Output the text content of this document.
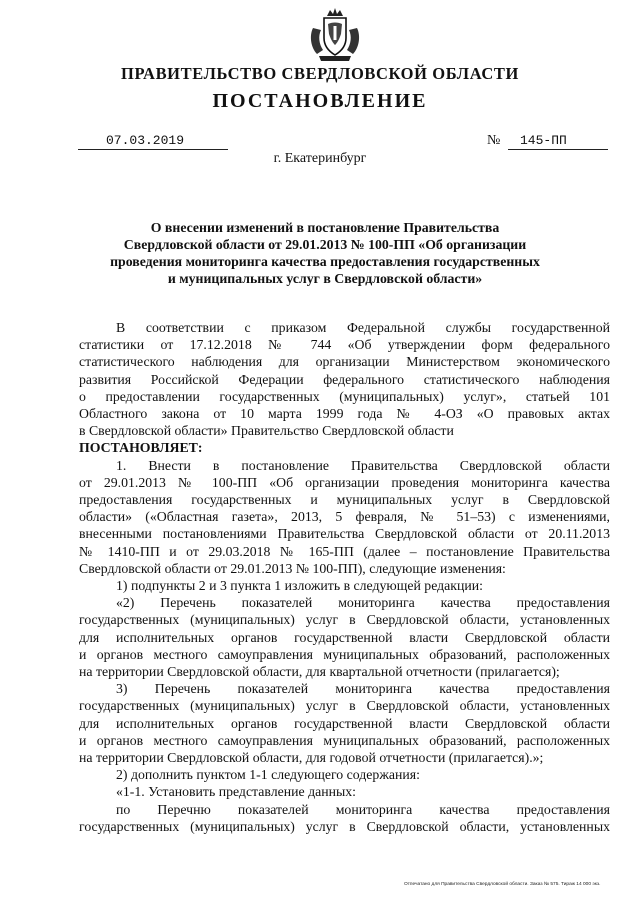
ПРАВИТЕЛЬСТВО СВЕРДЛОВСКОЙ ОБЛАСТИ
ПОСТАНОВЛЕНИЕ
07.03.2019	№	145-ПП
г. Екатеринбург
О внесении изменений в постановление Правительства
Свердловской области от 29.01.2013 № 100-ПП «Об организации
проведения мониторинга качества предоставления государственных
и муниципальных услуг в Свердловской области»
В соответствии с приказом Федеральной службы государственной
статистики от 17.12.2018 № 744 «Об утверждении форм федерального
статистического наблюдения для организации Министерством экономического
развития Российской Федерации федерального статистического наблюдения
о предоставлении государственных (муниципальных) услуг», статьей 101
Областного закона от 10 марта 1999 года № 4-ОЗ «О правовых актах
в Свердловской области» Правительство Свердловской области
ПОСТАНОВЛЯЕТ:
1. Внести в постановление Правительства Свердловской области
от 29.01.2013 № 100-ПП «Об организации проведения мониторинга качества
предоставления государственных и муниципальных услуг в Свердловской
области» («Областная газета», 2013, 5 февраля, № 51–53) с изменениями,
внесенными постановлениями Правительства Свердловской области от 20.11.2013
№ 1410-ПП и от 29.03.2018 № 165-ПП (далее – постановление Правительства
Свердловской области от 29.01.2013 № 100-ПП), следующие изменения:
1) подпункты 2 и 3 пункта 1 изложить в следующей редакции:
«2) Перечень показателей мониторинга качества предоставления
государственных (муниципальных) услуг в Свердловской области, установленных
для исполнительных органов государственной власти Свердловской области
и органов местного самоуправления муниципальных образований, расположенных
на территории Свердловской области, для квартальной отчетности (прилагается);
3) Перечень показателей мониторинга качества предоставления
государственных (муниципальных) услуг в Свердловской области, установленных
для исполнительных органов государственной власти Свердловской области
и органов местного самоуправления муниципальных образований, расположенных
на территории Свердловской области, для годовой отчетности (прилагается).»;
2) дополнить пунктом 1-1 следующего содержания:
«1-1. Установить представление данных:
по Перечню показателей мониторинга качества предоставления
государственных (муниципальных) услуг в Свердловской области, установленных
Отпечатано для Правительства Свердловской области. Заказ № 575. Тираж 14 000 экз.
